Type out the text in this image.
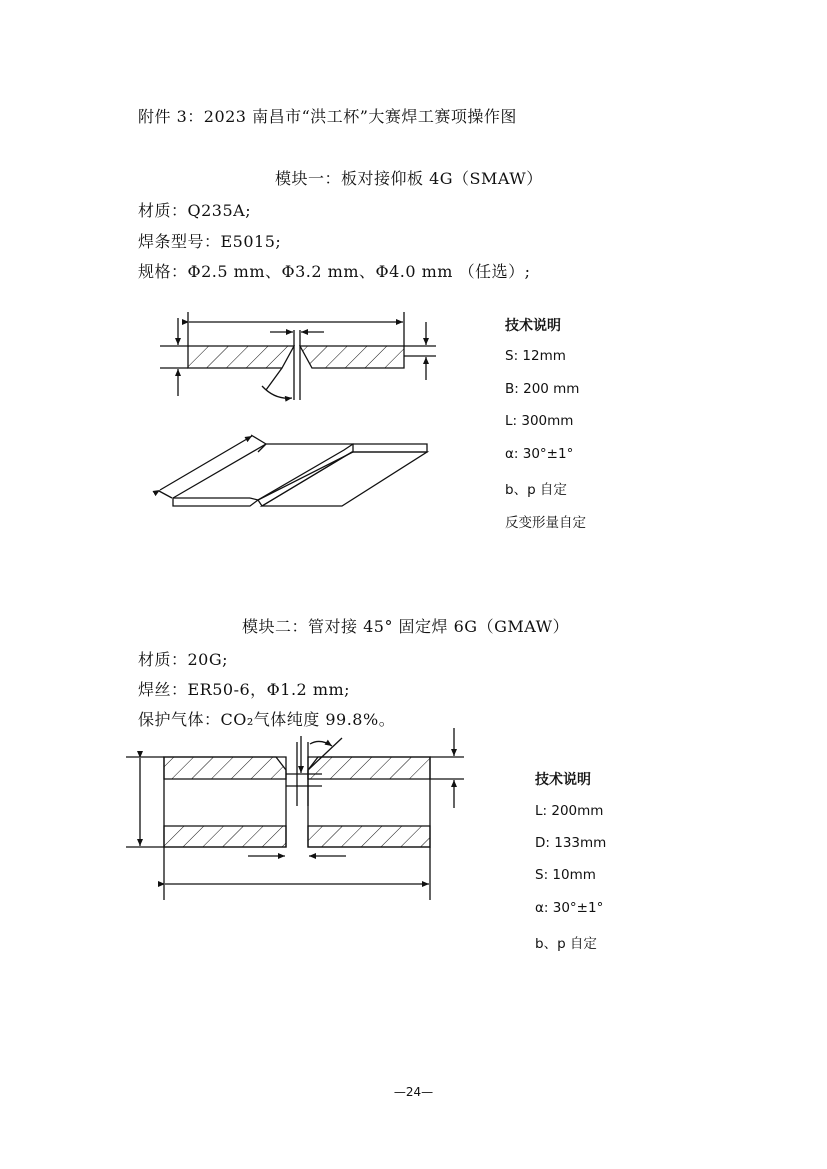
附件 3：2023 南昌市“洪工杯”大赛焊工赛项操作图
模块一：板对接仰板 4G（SMAW）
材质：Q235A;
焊条型号：E5015;
规格：Φ2.5 mm、Φ3.2 mm、Φ4.0 mm （任选）;
技术说明
S: 12mm
B: 200 mm
L: 300mm
α: 30°±1°
b、p 自定
反变形量自定
模块二：管对接 45° 固定焊 6G（GMAW）
材质：20G;
焊丝：ER50-6，Φ1.2 mm;
保护气体：CO₂气体纯度 99.8%。
技术说明
L: 200mm
D: 133mm
S: 10mm
α: 30°±1°
b、p 自定
—24—
